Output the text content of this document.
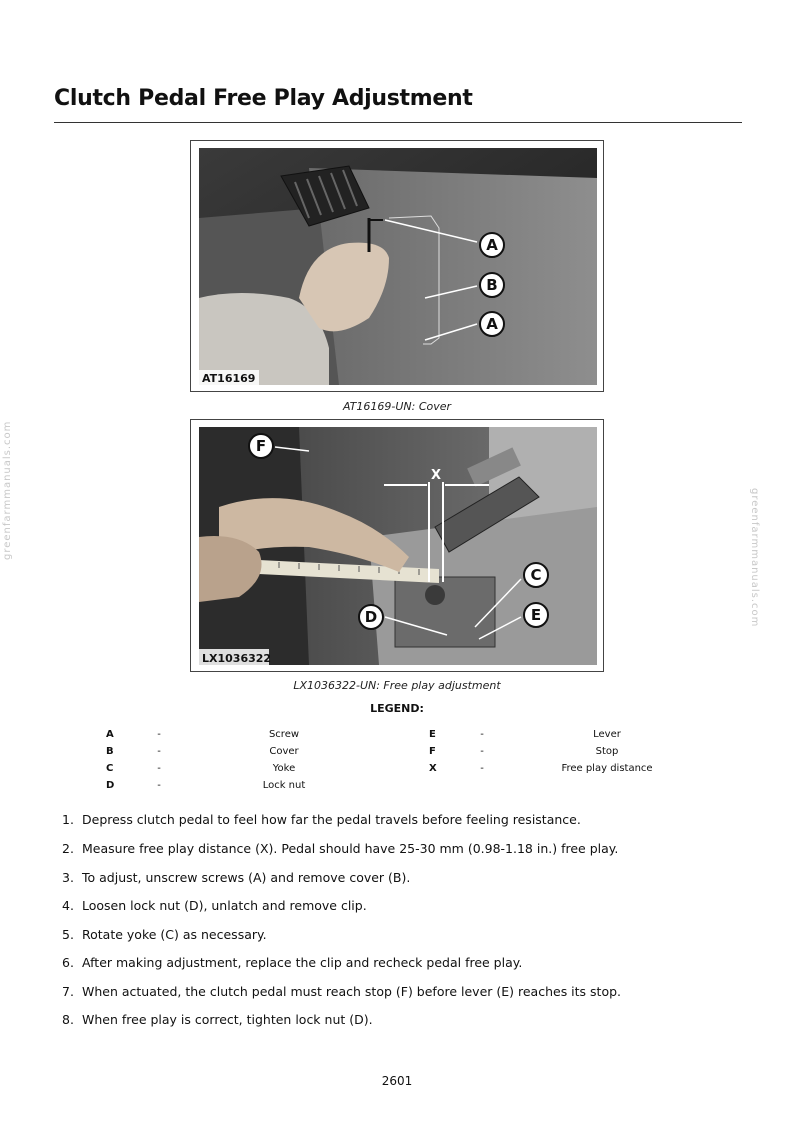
Clutch Pedal Free Play Adjustment
greenfarmmanuals.com	greenfarmmanuals.com
A
B
A
AT16169
AT16169-UN: Cover
X
F
C
D	E
LX1036322
LX1036322-UN: Free play adjustment
LEGEND:
A	-	Screw	E	-	Lever
B	-	Cover	F	-	Stop
C	-	Yoke	X	-	Free play distance
D	-	Lock nut
1. Depress clutch pedal to feel how far the pedal travels before feeling resistance.
2. Measure free play distance (X). Pedal should have 25-30 mm (0.98-1.18 in.) free play.
3. To adjust, unscrew screws (A) and remove cover (B).
4. Loosen lock nut (D), unlatch and remove clip.
5. Rotate yoke (C) as necessary.
6. After making adjustment, replace the clip and recheck pedal free play.
7. When actuated, the clutch pedal must reach stop (F) before lever (E) reaches its stop.
8. When free play is correct, tighten lock nut (D).
2601
